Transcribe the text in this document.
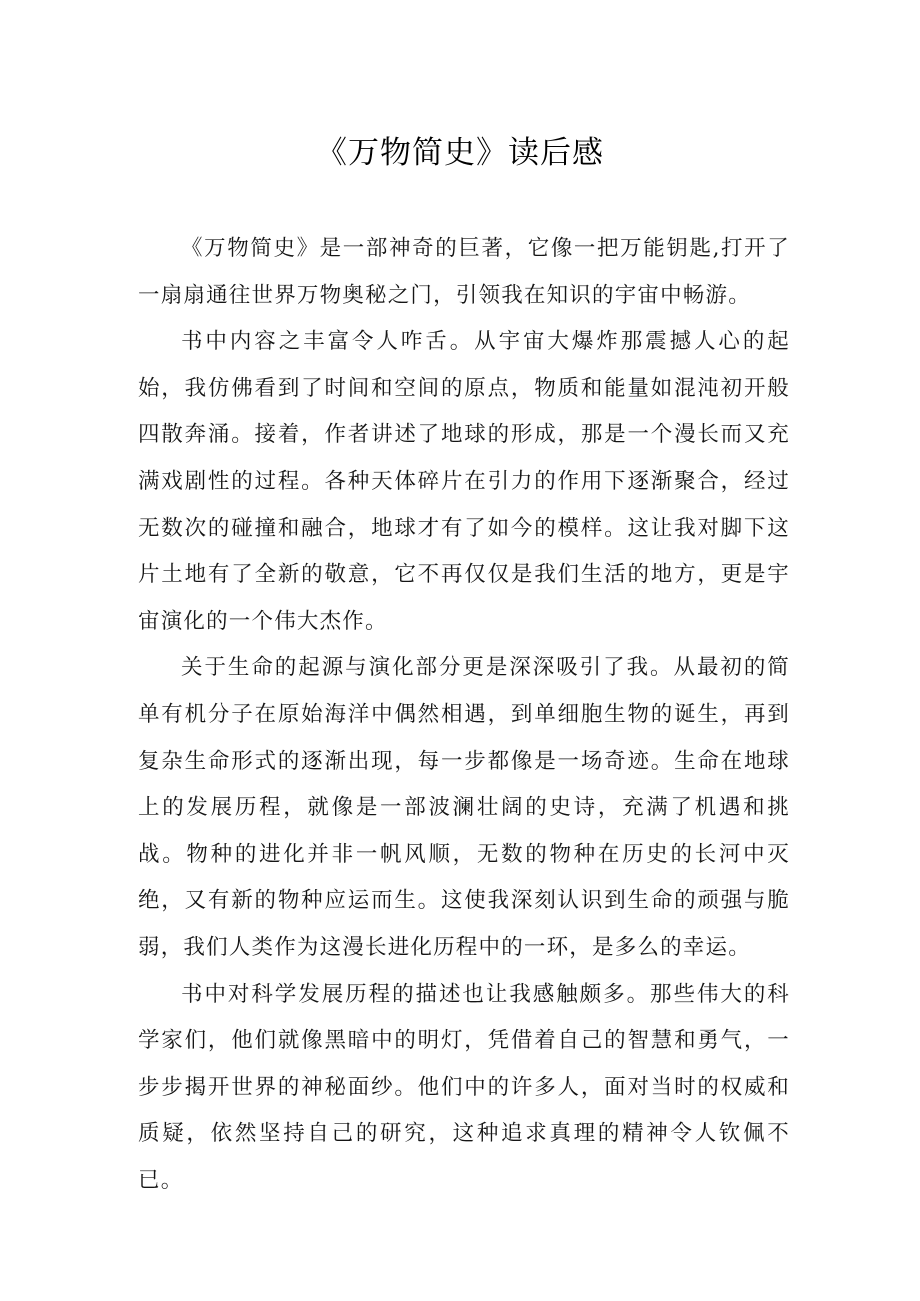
《万物简史》读后感

《万物简史》是一部神奇的巨著，它像一把万能钥匙,打开了一扇扇通往世界万物奥秘之门，引领我在知识的宇宙中畅游。

书中内容之丰富令人咋舌。从宇宙大爆炸那震撼人心的起始，我仿佛看到了时间和空间的原点，物质和能量如混沌初开般四散奔涌。接着，作者讲述了地球的形成，那是一个漫长而又充满戏剧性的过程。各种天体碎片在引力的作用下逐渐聚合，经过无数次的碰撞和融合，地球才有了如今的模样。这让我对脚下这片土地有了全新的敬意，它不再仅仅是我们生活的地方，更是宇宙演化的一个伟大杰作。

关于生命的起源与演化部分更是深深吸引了我。从最初的简单有机分子在原始海洋中偶然相遇，到单细胞生物的诞生，再到复杂生命形式的逐渐出现，每一步都像是一场奇迹。生命在地球上的发展历程，就像是一部波澜壮阔的史诗，充满了机遇和挑战。物种的进化并非一帆风顺，无数的物种在历史的长河中灭绝，又有新的物种应运而生。这使我深刻认识到生命的顽强与脆弱，我们人类作为这漫长进化历程中的一环，是多么的幸运。

书中对科学发展历程的描述也让我感触颇多。那些伟大的科学家们，他们就像黑暗中的明灯，凭借着自己的智慧和勇气，一步步揭开世界的神秘面纱。他们中的许多人，面对当时的权威和质疑，依然坚持自己的研究，这种追求真理的精神令人钦佩不已。
